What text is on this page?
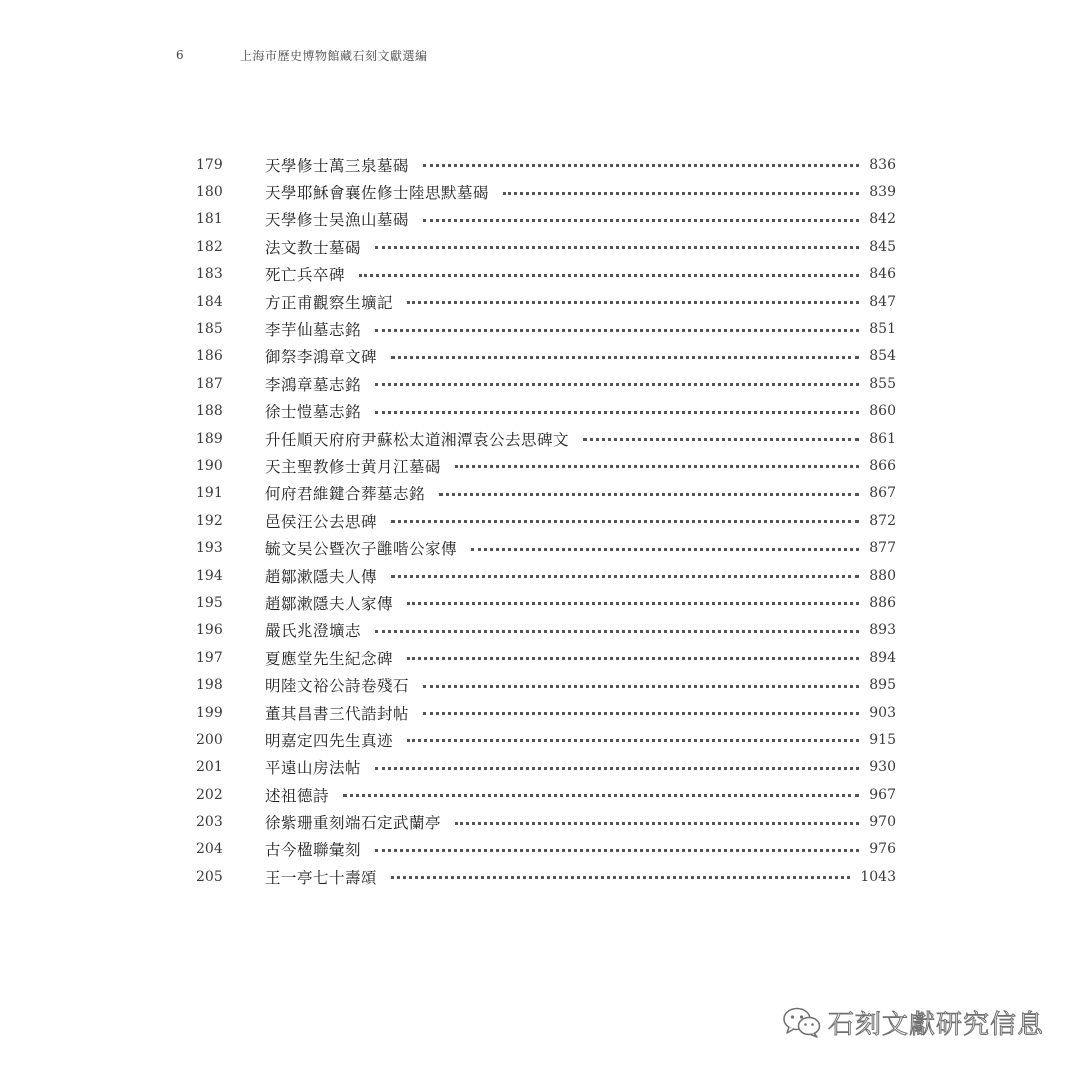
6	上海市歷史博物館藏石刻文獻選編
179	天學修士萬三泉墓碣	836
180	天學耶穌會襄佐修士陸思默墓碣	839
181	天學修士吴漁山墓碣	842
182	法文教士墓碣	845
183	死亡兵卒碑	846
184	方正甫觀察生壙記	847
185	李芋仙墓志銘	851
186	御祭李鴻章文碑	854
187	李鴻章墓志銘	855
188	徐士愷墓志銘	860
189	升任順天府府尹蘇松太道湘潭袁公去思碑文	861
190	天主聖教修士黄月江墓碣	866
191	何府君維鍵合葬墓志銘	867
192	邑侯汪公去思碑	872
193	毓文吴公暨次子雝喈公家傳	877
194	趙鄒漱隱夫人傳	880
195	趙鄒漱隱夫人家傳	886
196	嚴氏兆澄壙志	893
197	夏應堂先生紀念碑	894
198	明陸文裕公詩卷殘石	895
199	董其昌書三代誥封帖	903
200	明嘉定四先生真迹	915
201	平遠山房法帖	930
202	述祖德詩	967
203	徐紫珊重刻端石定武蘭亭	970
204	古今楹聯彙刻	976
205	王一亭七十壽頌	1043
石刻文獻研究信息
